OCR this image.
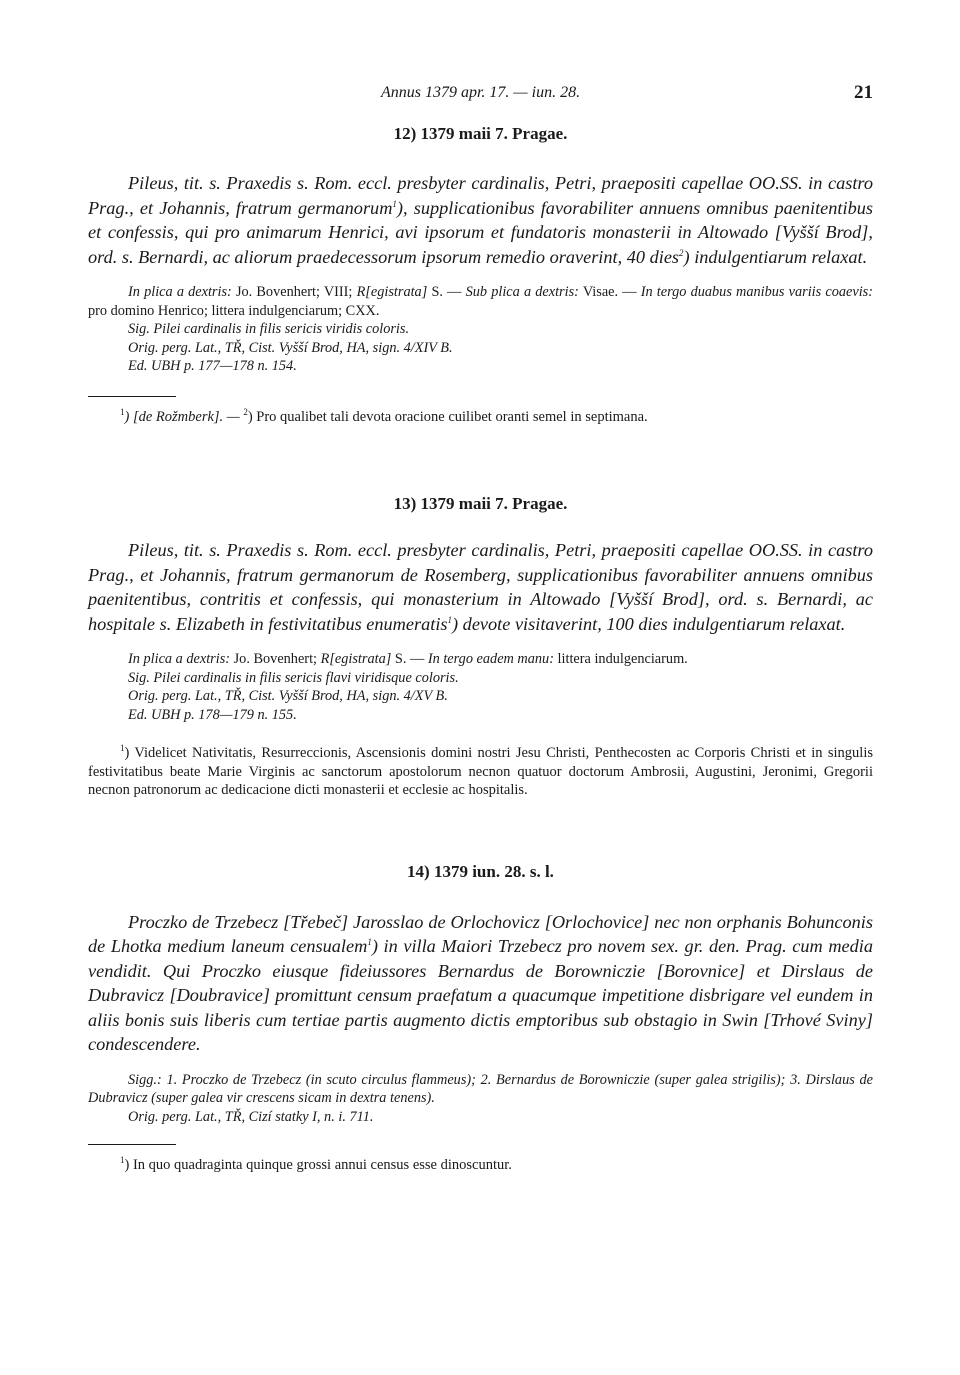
Annus 1379 apr. 17. — iun. 28.	21
12) 1379 maii 7. Pragae.

Pileus, tit. s. Praxedis s. Rom. eccl. presbyter cardinalis, Petri, praepositi capellae OO.SS. in castro Prag., et Johannis, fratrum germanorum$^1$), supplicationibus favorabiliter annuens omnibus paenitentibus et confessis, qui pro animarum Henrici, avi ipsorum et fundatoris monasterii in Altowado [Vyšší Brod], ord. s. Bernardi, ac aliorum praedecessorum ipsorum remedio oraverint, 40 dies$^2$) indulgentiarum relaxat.

In plica a dextris: Jo. Bovenhert; VIII; R[egistrata] S. — Sub plica a dextris: Visae. — In tergo duabus manibus variis coaevis: pro domino Henrico; littera indulgenciarum; CXX.

Sig. Pilei cardinalis in filis sericis viridis coloris.

Orig. perg. Lat., TŘ, Cist. Vyšší Brod, HA, sign. 4/XIV B.

Ed. UBH p. 177—178 n. 154.

$^1$) [de Rožmberk]. — $^2$) Pro qualibet tali devota oracione cuilibet oranti semel in septimana.

13) 1379 maii 7. Pragae.

Pileus, tit. s. Praxedis s. Rom. eccl. presbyter cardinalis, Petri, praepositi capellae OO.SS. in castro Prag., et Johannis, fratrum germanorum de Rosemberg, supplicationibus favorabiliter annuens omnibus paenitentibus, contritis et confessis, qui monasterium in Altowado [Vyšší Brod], ord. s. Bernardi, ac hospitale s. Elizabeth in festivitatibus enumeratis$^1$) devote visitaverint, 100 dies indulgentiarum relaxat.

In plica a dextris: Jo. Bovenhert; R[egistrata] S. — In tergo eadem manu: littera indulgenciarum.

Sig. Pilei cardinalis in filis sericis flavi viridisque coloris.

Orig. perg. Lat., TŘ, Cist. Vyšší Brod, HA, sign. 4/XV B.

Ed. UBH p. 178—179 n. 155.

$^1$) Videlicet Nativitatis, Resurreccionis, Ascensionis domini nostri Jesu Christi, Penthecosten ac Corporis Christi et in singulis festivitatibus beate Marie Virginis ac sanctorum apostolorum necnon quatuor doctorum Ambrosii, Augustini, Jeronimi, Gregorii necnon patronorum ac dedicacione dicti monasterii et ecclesie ac hospitalis.

14) 1379 iun. 28. s. l.

Proczko de Trzebecz [Třebeč] Jarosslao de Orlochovicz [Orlochovice] nec non orphanis Bohunconis de Lhotka medium laneum censualem$^1$) in villa Maiori Trzebecz pro novem sex. gr. den. Prag. cum media vendidit. Qui Proczko eiusque fideiussores Bernardus de Borowniczie [Borovnice] et Dirslaus de Dubravicz [Doubravice] promittunt censum praefatum a quacumque impetitione disbrigare vel eundem in aliis bonis suis liberis cum tertiae partis augmento dictis emptoribus sub obstagio in Swin [Trhové Sviny] condescendere.

Sigg.: 1. Proczko de Trzebecz (in scuto circulus flammeus); 2. Bernardus de Borowniczie (super galea strigilis); 3. Dirslaus de Dubravicz (super galea vir crescens sicam in dextra tenens).

Orig. perg. Lat., TŘ, Cizí statky I, n. i. 711.

$^1$) In quo quadraginta quinque grossi annui census esse dinoscuntur.
